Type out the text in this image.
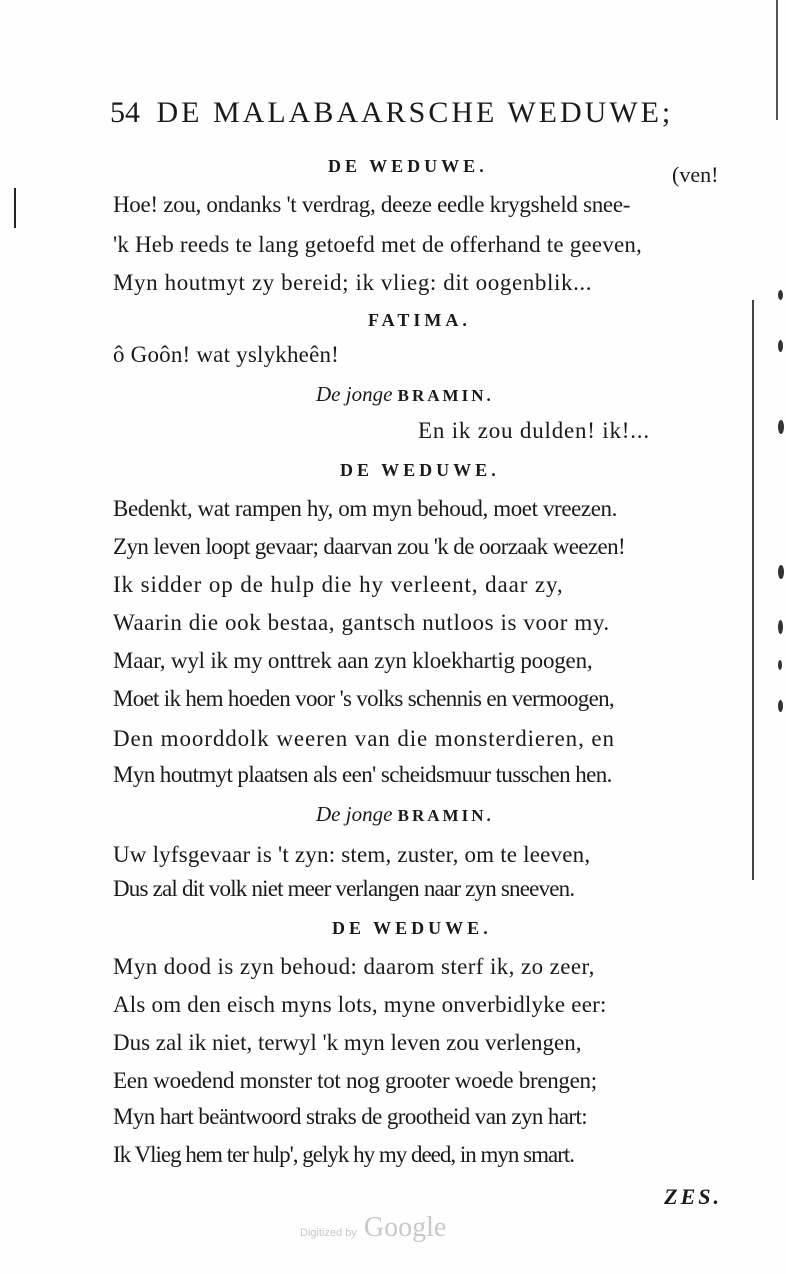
54 DE MALABAARSCHE WEDUWE;
DE WEDUWE.	(ven!
Hoe! zou, ondanks 't verdrag, deeze eedle krygsheld snee-
'k Heb reeds te lang getoefd met de offerhand te geeven,
Myn houtmyt zy bereid; ik vlieg: dit oogenblik...
FATIMA.
ô Goôn! wat yslykheên!
De jonge BRAMIN.
En ik zou dulden! ik!...
DE WEDUWE.
Bedenkt, wat rampen hy, om myn behoud, moet vreezen.
Zyn leven loopt gevaar; daarvan zou 'k de oorzaak weezen!
Ik sidder op de hulp die hy verleent, daar zy,
Waarin die ook bestaa, gantsch nutloos is voor my.
Maar, wyl ik my onttrek aan zyn kloekhartig poogen,
Moet ik hem hoeden voor 's volks schennis en vermoogen,
Den moorddolk weeren van die monsterdieren, en
Myn houtmyt plaatsen als een' scheidsmuur tusschen hen.
De jonge BRAMIN.
Uw lyfsgevaar is 't zyn: stem, zuster, om te leeven,
Dus zal dit volk niet meer verlangen naar zyn sneeven.
DE WEDUWE.
Myn dood is zyn behoud: daarom sterf ik, zo zeer,
Als om den eisch myns lots, myne onverbidlyke eer:
Dus zal ik niet, terwyl 'k myn leven zou verlengen,
Een woedend monster tot nog grooter woede brengen;
Myn hart beäntwoord straks de grootheid van zyn hart:
Ik Vlieg hem ter hulp', gelyk hy my deed, in myn smart.
ZES.
Digitized by Google
